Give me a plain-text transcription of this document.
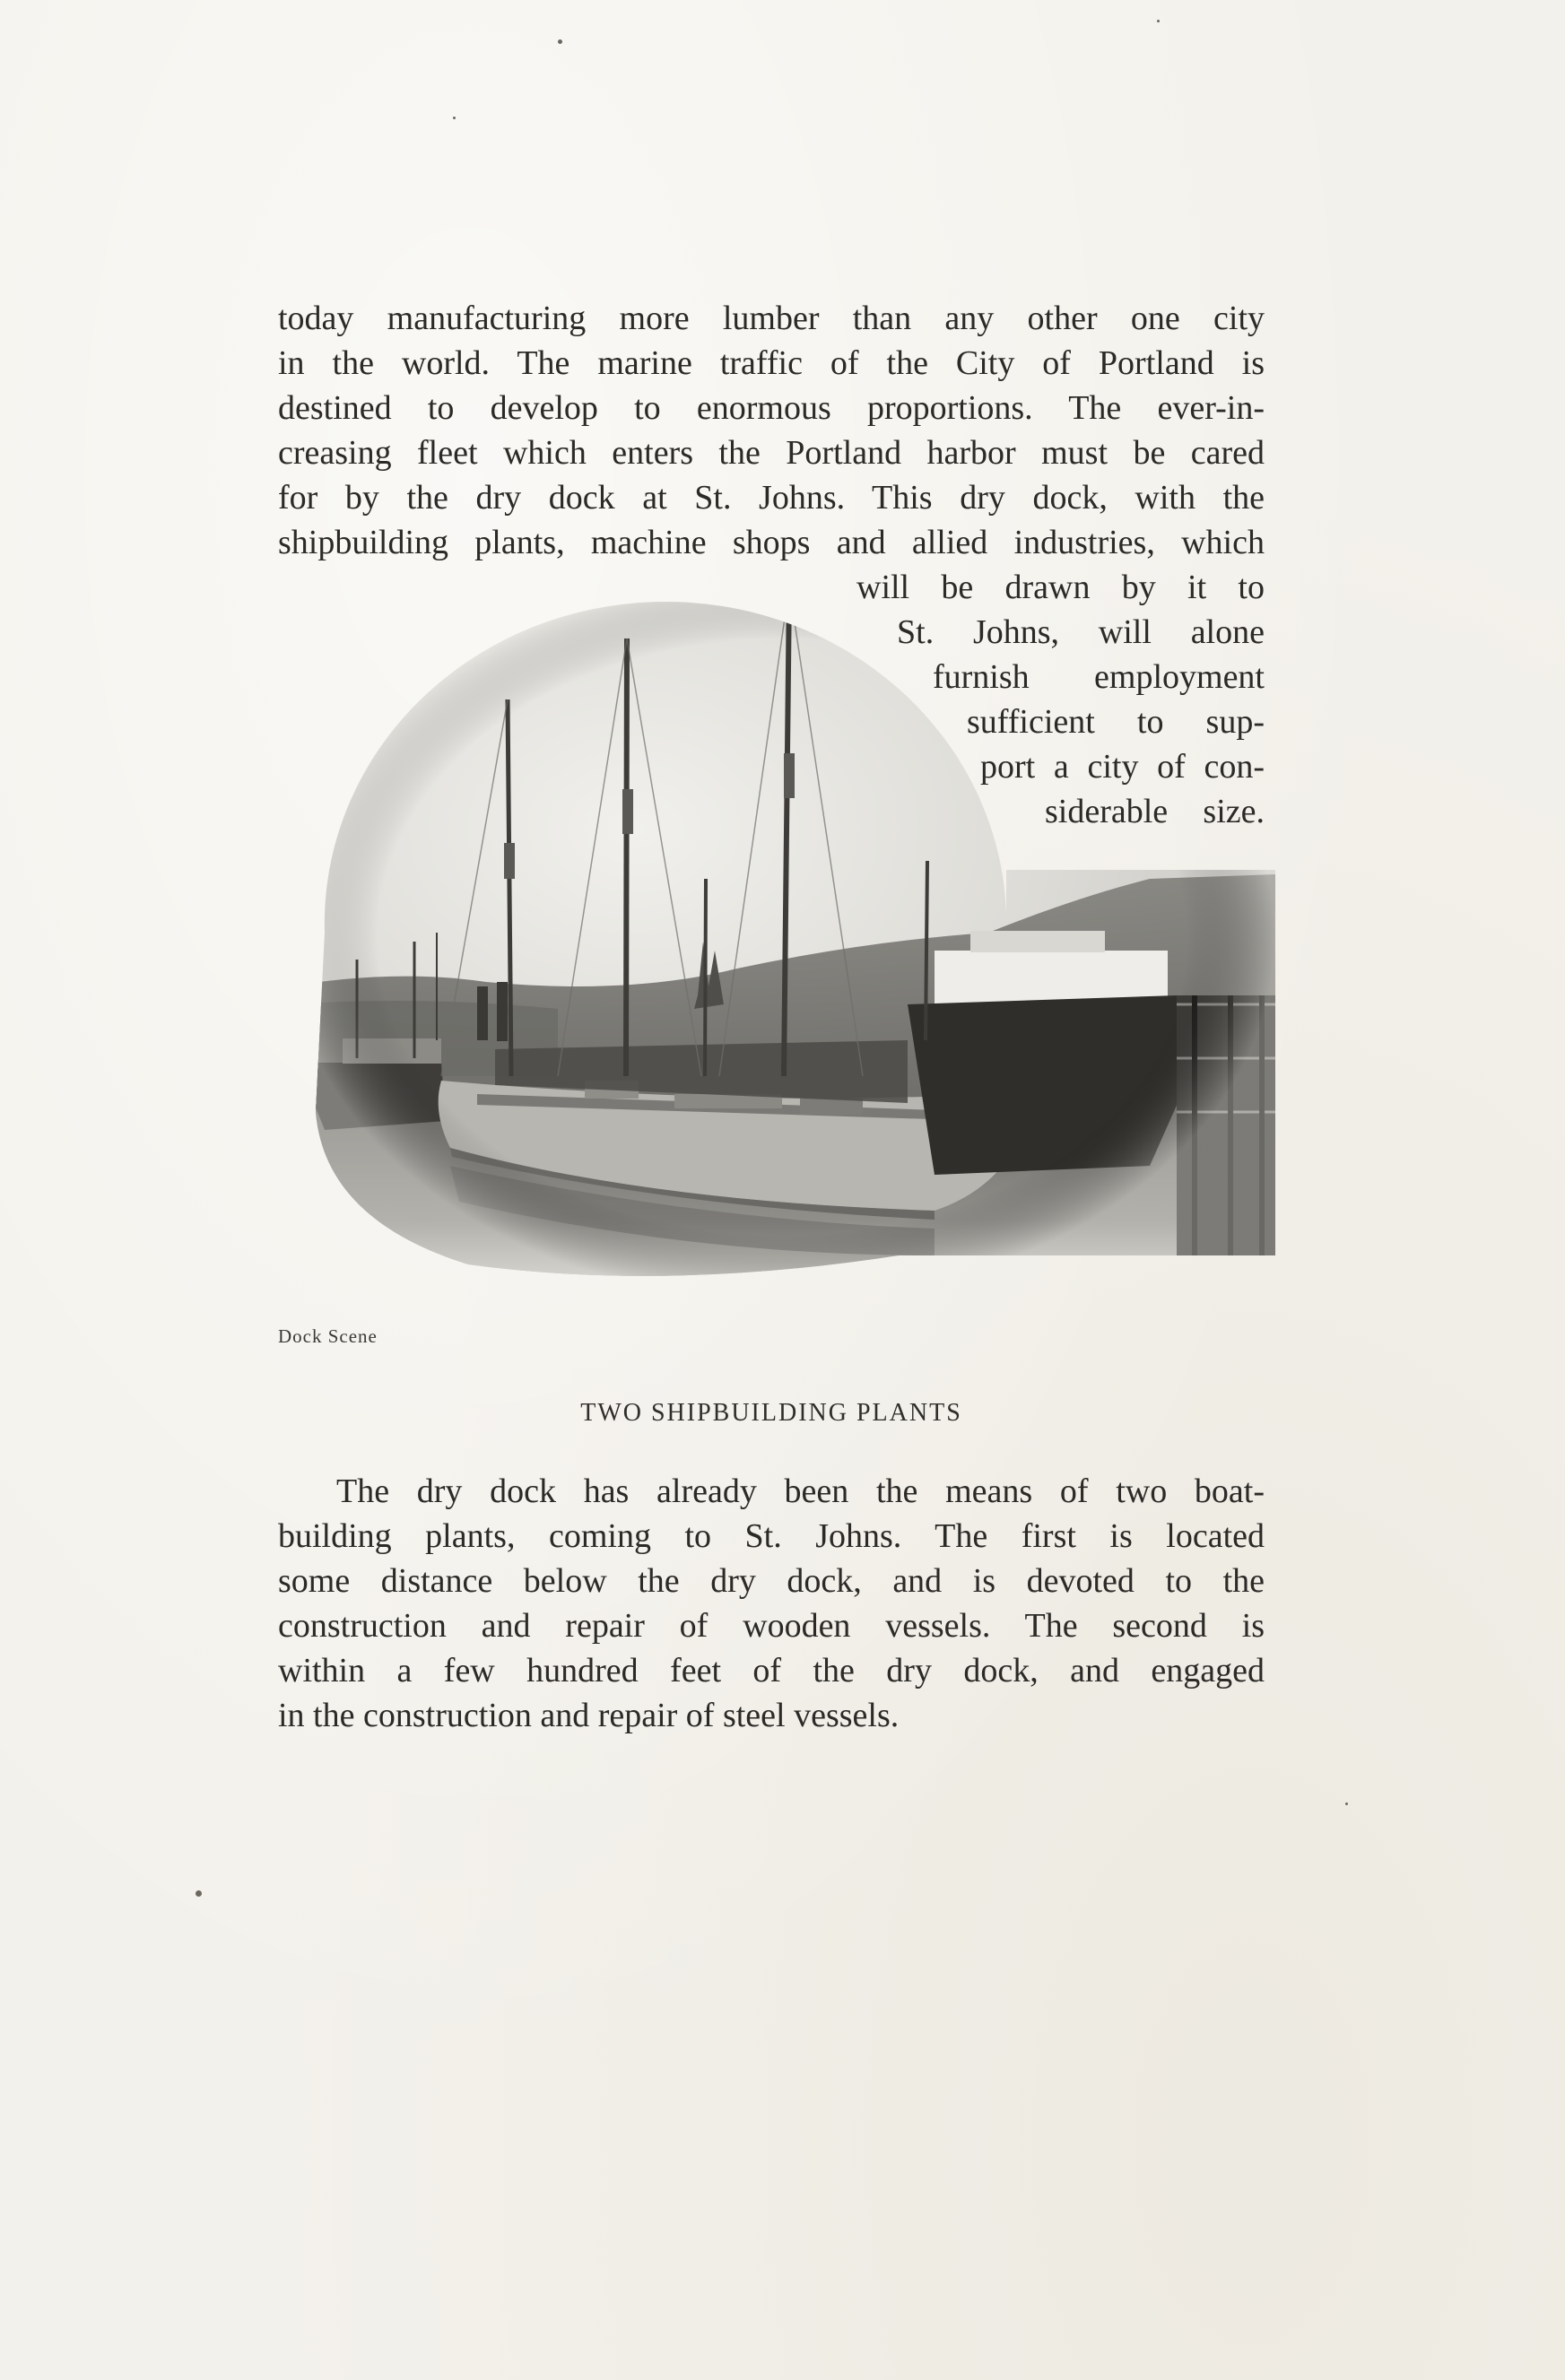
today manufacturing more lumber than any other one city
in the world. The marine traffic of the City of Portland is
destined to develop to enormous proportions. The ever-in-
creasing fleet which enters the Portland harbor must be cared
for by the dry dock at St. Johns. This dry dock, with the
shipbuilding plants, machine shops and allied industries, which
will be drawn by it to
St. Johns, will alone
furnish employment
sufficient to sup-
port a city of con-
siderable size.
Dock Scene
TWO SHIPBUILDING PLANTS
The dry dock has already been the means of two boat-
building plants, coming to St. Johns. The first is located
some distance below the dry dock, and is devoted to the
construction and repair of wooden vessels. The second is
within a few hundred feet of the dry dock, and engaged
in the construction and repair of steel vessels.
